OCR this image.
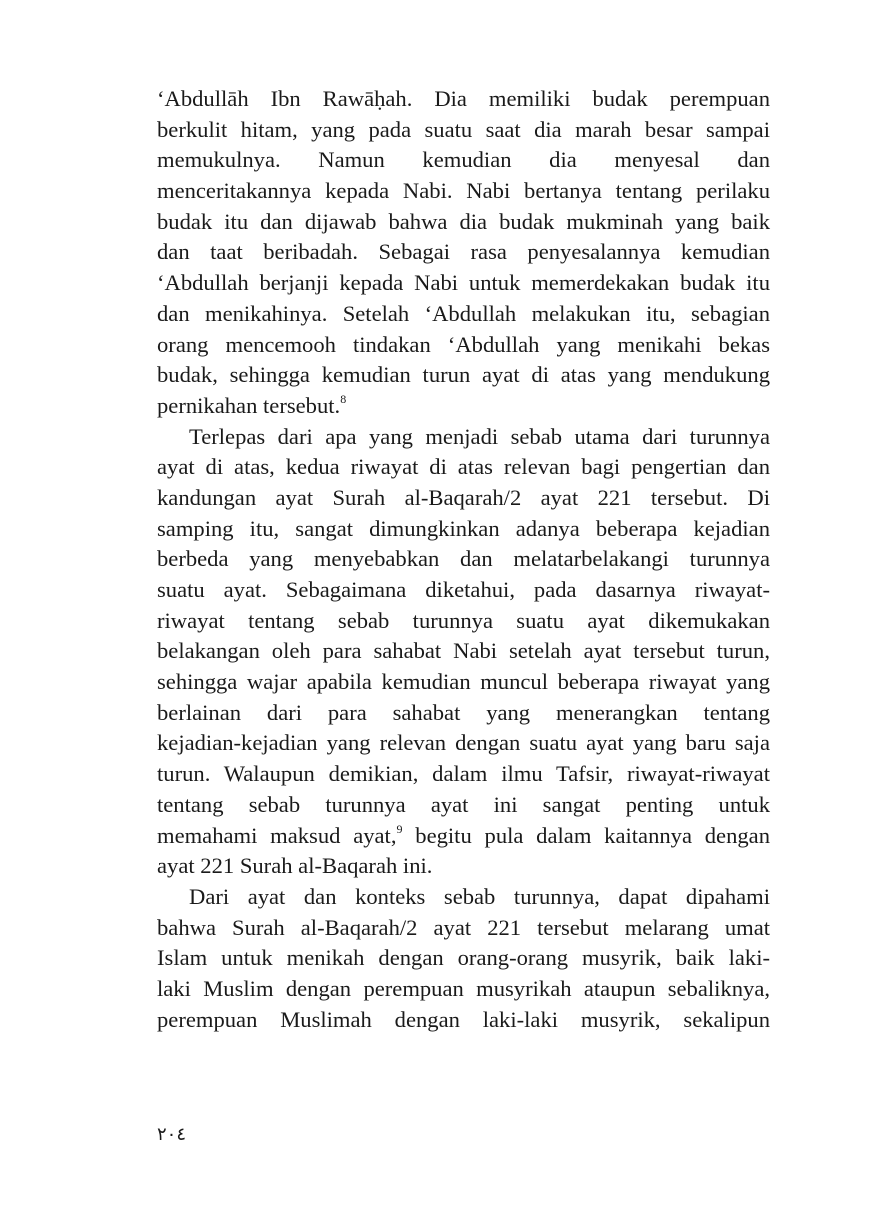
‘Abdullāh Ibn Rawāḥah. Dia memiliki budak perempuan
berkulit hitam, yang pada suatu saat dia marah besar sampai
memukulnya. Namun kemudian dia menyesal dan
menceritakannya kepada Nabi. Nabi bertanya tentang perilaku
budak itu dan dijawab bahwa dia budak mukminah yang baik
dan taat beribadah. Sebagai rasa penyesalannya kemudian
‘Abdullah berjanji kepada Nabi untuk memerdekakan budak itu
dan menikahinya. Setelah ‘Abdullah melakukan itu, sebagian
orang mencemooh tindakan ‘Abdullah yang menikahi bekas
budak, sehingga kemudian turun ayat di atas yang mendukung
pernikahan tersebut.$^8$
Terlepas dari apa yang menjadi sebab utama dari turunnya
ayat di atas, kedua riwayat di atas relevan bagi pengertian dan
kandungan ayat Surah al-Baqarah/2 ayat 221 tersebut. Di
samping itu, sangat dimungkinkan adanya beberapa kejadian
berbeda yang menyebabkan dan melatarbelakangi turunnya
suatu ayat. Sebagaimana diketahui, pada dasarnya riwayat-
riwayat tentang sebab turunnya suatu ayat dikemukakan
belakangan oleh para sahabat Nabi setelah ayat tersebut turun,
sehingga wajar apabila kemudian muncul beberapa riwayat yang
berlainan dari para sahabat yang menerangkan tentang
kejadian-kejadian yang relevan dengan suatu ayat yang baru saja
turun. Walaupun demikian, dalam ilmu Tafsir, riwayat-riwayat
tentang sebab turunnya ayat ini sangat penting untuk
memahami maksud ayat,$^9$ begitu pula dalam kaitannya dengan
ayat 221 Surah al-Baqarah ini.
Dari ayat dan konteks sebab turunnya, dapat dipahami
bahwa Surah al-Baqarah/2 ayat 221 tersebut melarang umat
Islam untuk menikah dengan orang-orang musyrik, baik laki-
laki Muslim dengan perempuan musyrikah ataupun sebaliknya,
perempuan Muslimah dengan laki-laki musyrik, sekalipun
٢٠٤
